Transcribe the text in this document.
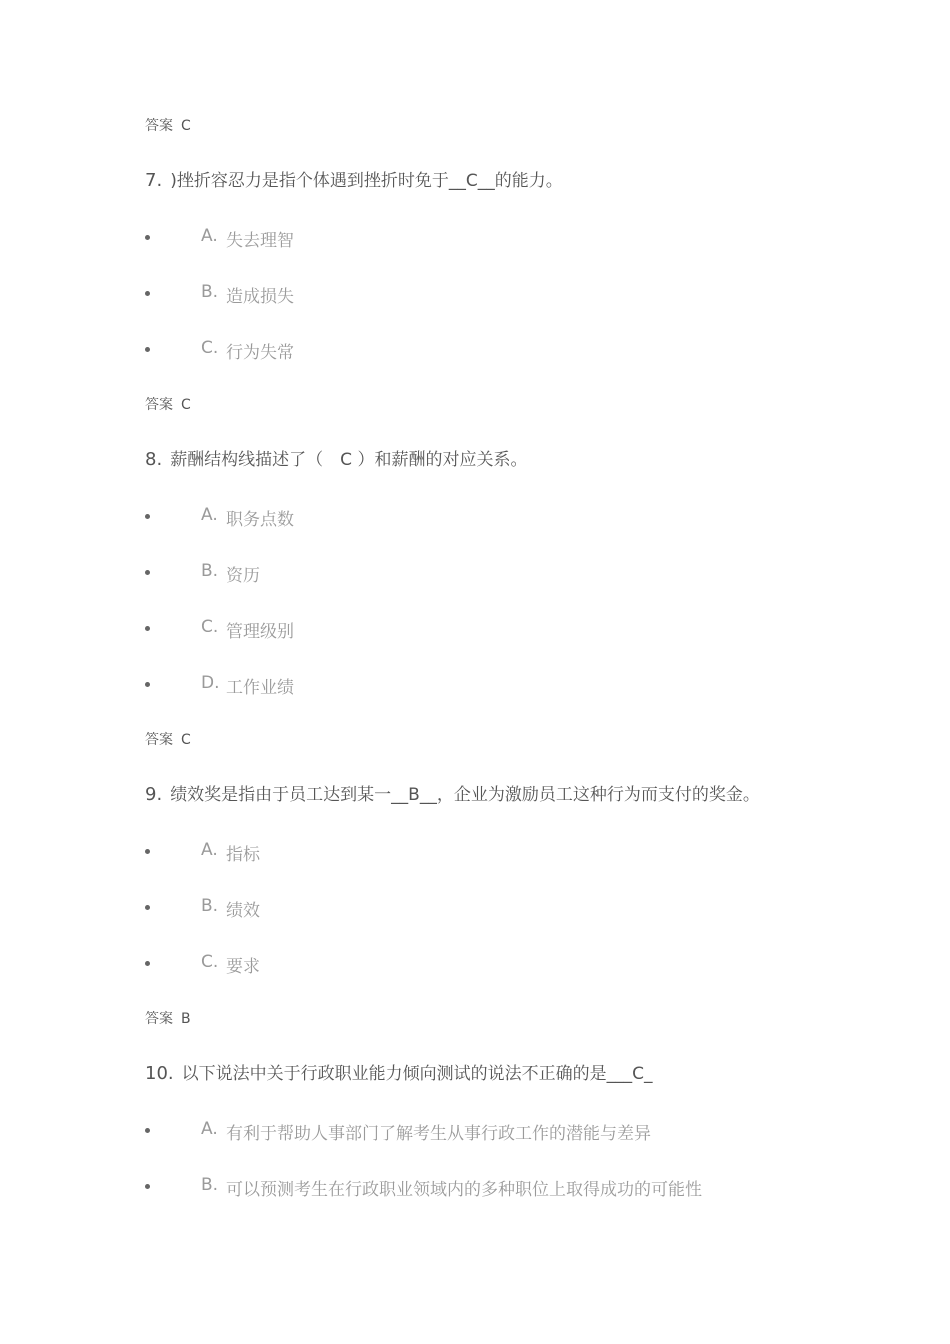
答案 C
7. )挫折容忍力是指个体遇到挫折时免于__C__的能力。
A. 失去理智
B. 造成损失
C. 行为失常
答案 C
8. 薪酬结构线描述了（　C ）和薪酬的对应关系。
A. 职务点数
B. 资历
C. 管理级别
D. 工作业绩
答案 C
9. 绩效奖是指由于员工达到某一__B__，企业为激励员工这种行为而支付的奖金。
A. 指标
B. 绩效
C. 要求
答案 B
10. 以下说法中关于行政职业能力倾向测试的说法不正确的是___C_
A. 有利于帮助人事部门了解考生从事行政工作的潜能与差异
B. 可以预测考生在行政职业领域内的多种职位上取得成功的可能性
